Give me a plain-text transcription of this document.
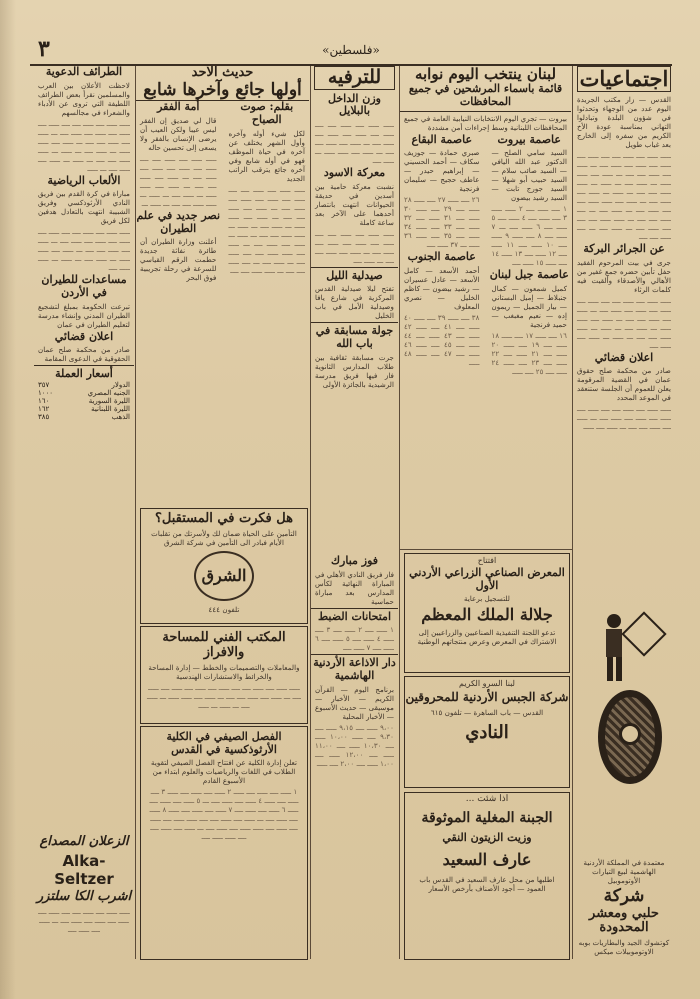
٣	«فلسطين»
اجتماعيات
القدس — زار مكتب الجريدة اليوم عدد من الوجهاء وتحدثوا في شؤون البلدة وتبادلوا التهاني بمناسبة عودة الأخ الكريم من سفره إلى الخارج بعد غياب طويل
ـــــ ـــــ ــــ ـــــ ــــ ــــ ـــــ ــــ ـــــ ــــ ـــــ ــــ ـــــ ــــ ـــ ـــــ ــــ ـــــ ــــ ــــ ـــ ـــــ ــــ ـــــ ـــــ ـــ ـــــ ــــ ـــ ـــــ ـــ ـــــ ـــــ ــــ ــــ ـــ ـــــ ـــ ـــــ ــــ ـــــ ــــ ـــ ـــــ ــــ ـــــ ـــــ ــــ ــــ ـــــ ــــ ـــ ـــــ ــــ ـــ ــــ ـــــ ــــ ــــ ـــ ـــــ ـــــ ــــ ــــ ــــ ـــــ ــــ ـــ ـــــ ــــ ـــ ــــ ـــــ ــــ ــــ
عن الجرائر البركة
جرى في بيت المرحوم الفقيد حفل تأبين حضره جمع غفير من الأهالي والأصدقاء وألقيت فيه كلمات الرثاء
ـــــ ـــــ ــــ ـــــ ــــ ــــ ـــــ ــــ ـــــ ــــ ـــــ ــــ ـــــ ــــ ـــ ـــــ ــــ ـــــ ــــ ــــ ـــ ـــــ ــــ ـــــ ـــــ ـــ ـــــ ــــ ـــ ـــــ ـــ ـــــ ـــــ ــــ ــــ ـــ ـــــ ـــ ـــــ ــــ ـــــ ــــ
اعلان قضائي
صادر من محكمة صلح حقوق عمان في القضية المرقومة يعلن للعموم أن الجلسة ستنعقد في الموعد المحدد
ـــــ ـــــ ــــ ـــــ ــــ ــــ ـــــ ــــ ـــــ ــــ ـــــ ــــ ـــــ ــــ ـــ ـــــ ــــ ـــــ ــــ ــــ ـــ ـــــ ــــ ـــــ
معتمدة في المملكة الأردنية الهاشمية لبيع التيارات الأوتوموبيل
شركة
حلبي ومعشر
المحدودة
كوتشوك الجيد والبطاريات بوبه الاوتوموبيلات ميكس
لبنان ينتخب اليوم نوابه
قائمة باسماء المرشحين في جميع المحافظات
بيروت — تجري اليوم الانتخابات النيابية العامة في جميع المحافظات اللبنانية وسط إجراءات أمن مشددة
عاصمة بيروت
السيد سامي الصلح — الدكتور عبد الله اليافي — السيد صائب سلام — السيد حبيب أبو شهلا — السيد جورج تابت — السيد رشيد بيضون
١ ــــ ـــــ ــــ ٢ ـــــ ـــــ ٣ ــــ ـــــ ــــ ٤ ـــــ ــــ ٥ ـــــ ــــ ٦ ـــــ ــــ ـــ ٧ ـــــ ــــ ٨ ــــ ـــــ ٩ ـــــ ــــ ١٠ ـــــ ــــ ١١ ـــــ ــــ ١٢ ـــــ ــــ ١٣ ـــــ ١٤ ــــ ـــــ ١٥ ـــــ ــــ
عاصمة جبل لبنان
كميل شمعون — كمال جنبلاط — إميل البستاني — بيار الجميل — ريمون إده — نعيم مغبغب — حميد فرنجية
١٦ ــــ ـــــ ١٧ ــــ ـــــ ١٨ ـــــ ــــ ١٩ ــــ ـــــ ٢٠ ـــــ ــــ ٢١ ـــــ ــــ ٢٢ ـــــ ــــ ٢٣ ــــ ـــــ ٢٤ ـــــ ــــ ٢٥ ــــ ـــــ
عاصمة البقاع
صبري حمادة — جوزيف سكاف — أحمد الحسيني — إبراهيم حيدر — عاطف حجيج — سليمان فرنجية
٢٦ ــــ ـــــ ٢٧ ــــ ـــــ ٢٨ ـــــ ــــ ٢٩ ــــ ـــــ ٣٠ ـــــ ــــ ٣١ ـــــ ــــ ٣٢ ـــــ ــــ ٣٣ ــــ ـــــ ٣٤ ـــــ ــــ ٣٥ ــــ ـــــ ٣٦ ـــــ ـــ ٣٧ ـــــ ــــ
عاصمة الجنوب
أحمد الأسعد — كامل الأسعد — عادل عسيران — رشيد بيضون — كاظم الخليل — نصري المعلوف
٣٨ ــــ ـــــ ٣٩ ــــ ـــــ ٤٠ ـــــ ــــ ٤١ ــــ ـــــ ٤٢ ـــــ ــــ ٤٣ ـــــ ــــ ٤٤ ـــــ ــــ ٤٥ ــــ ـــــ ٤٦ ـــــ ــــ ٤٧ ــــ ـــــ ٤٨ ـــــ
افتتاح
المعرض الصناعي الزراعي الأردني الأول
للتسجيل برعاية
جلالة الملك المعظم
تدعو اللجنة التنفيذية الصناعيين والزراعيين إلى الاشتراك في المعرض وعرض منتجاتهم الوطنية
لبنا السرو الكريم
شركة الجبس الأردنية للمحروقين
القدس — باب الساهرة — تلفون ٦١٥
النادي
اذا شئت ...
الجبنة المغلية الموثوقة
وزيت الزيتون النقي
عارف السعيد
اطلبها من محل عارف السعيد في القدس باب العمود — أجود الأصناف بأرخص الأسعار
للترفيه
وزن الداخل بالبلايل
ـــــ ـــــ ــــ ـــــ ــــ ــــ ـــــ ــــ ـــــ ــــ ـــــ ــــ ـــــ ــــ ـــ ـــــ ــــ ـــــ ــــ ــــ ـــ ـــــ ــــ ـــــ ـــــ ـــ ـــــ ــــ
معركة الاسود
نشبت معركة حامية بين أسدين في حديقة الحيوانات انتهت بانتصار أحدهما على الآخر بعد ساعة كاملة
ـــــ ـــــ ــــ ـــــ ــــ ــــ ـــــ ــــ ـــــ ــــ ـــــ ــــ ـــــ ــــ ـــ ـــــ ــــ ـــــ ــــ ــــ ـــ ـــــ ــــ
صيدلية الليل
تفتح ليلا صيدلية القدس المركزية في شارع يافا وصيدلية الأمل في باب الخليل
جولة مسابقة في باب الله
جرت مسابقة ثقافية بين طلاب المدارس الثانوية فاز فيها فريق مدرسة الرشيدية بالجائزة الأولى
فوز مبارك
فاز فريق النادي الأهلي في المباراة النهائية لكأس المدارس بعد مباراة حماسية
امتحانات الضبط
١ ـــــ ــــ ٢ ـــــ ــــ ٣ ــــ ـــــ ٤ ـــــ ــــ ٥ ـــــ ــــ ٦ ـــــ ــــ ٧ ـــــ ــــ
دار الاذاعة الأردنية الهاشمية
برنامج اليوم — القرآن الكريم — الأخبار — موسيقى — حديث الأسبوع — الأخبار المحلية
٩،٠٠ ـــــ ــــ ٩،١٥ ـــــ ــــ ٩،٣٠ ــــ ـــــ ١٠،٠٠ ـــــ ــــ ١٠،٣٠ ـــــ ــــ ١١،٠٠ ـــــ ــــ ١٢،٠٠ ـــــ ــــ ١،٠٠ ـــــ ــــ ٢،٠٠ ــــ ـــــ
حديث الاحد
أولها جائع وآخرها شابع
بقلم: صوت الصباح
لكل شيء أوله وآخره وأول الشهر يختلف عن آخره في حياة الموظف فهو في أوله شابع وفي آخره جائع يترقب الراتب الجديد
ـــــ ـــــ ــــ ـــــ ــــ ــــ ـــــ ــــ ـــــ ــــ ـــــ ــــ ـــــ ــــ ـــ ـــــ ــــ ـــــ ــــ ــــ ـــ ـــــ ــــ ـــــ ـــــ ـــ ـــــ ــــ ـــ ـــــ ـــ ـــــ ـــــ ــــ ــــ ـــ ـــــ ـــ ـــــ ــــ ـــــ ــــ ـــ ـــــ ــــ ـــــ ـــــ ــــ ــــ ـــــ ــــ ـــ ـــــ ــــ ـــ ــــ ـــــ ــــ ــــ ـــ ـــــ ـــــ ــــ ــــ
أمة الفقر
قال لي صديق إن الفقر ليس عيبا ولكن العيب أن يرضى الإنسان بالفقر ولا يسعى إلى تحسين حاله
ـــــ ـــــ ــــ ـــــ ــــ ــــ ـــــ ــــ ـــــ ــــ ـــــ ــــ ـــــ ــــ ـــ ـــــ ــــ ـــــ ــــ ــــ ـــ ـــــ ــــ ـــــ ـــــ ـــ ـــــ ــــ ـــ ـــــ ـــ ـــــ ـــــ ــــ ــــ ـــ ـــــ ـــ
نصر جديد في علم الطيران
أعلنت وزارة الطيران أن طائرة نفاثة جديدة حطمت الرقم القياسي للسرعة في رحلة تجريبية فوق البحر
هل فكرت في المستقبل؟
التأمين على الحياة ضمان لك ولأسرتك من تقلبات الأيام فبادر الى التأمين في شركة الشرق
الشرق
تلفون ٤٤٤
المكتب الفني للمساحة والافراز
والمعاملات والتصميمات والخطط — إدارة المساحة والخرائط والاستشارات الهندسية
ـــــ ـــــ ــــ ـــــ ــــ ــــ ـــــ ــــ ـــــ ــــ ـــــ ــــ ـــــ ــــ ـــ ـــــ ــــ ـــــ ــــ ــــ ـــ ـــــ ــــ ـــــ ـــــ ـــ ـــــ ــــ ـــ ـــــ ـــ ـــــ
الفصل الصيفي في الكلية الأرثوذكسية في القدس
تعلن إدارة الكلية عن افتتاح الفصل الصيفي لتقوية الطلاب في اللغات والرياضيات والعلوم ابتداء من الأسبوع القادم
١ ـــــ ــــ ـــــ ــــ ـــــ ٢ ـــــ ــــ ـــــ ــــ ـــــ ٣ ــــ ـــــ ــــ ـــــ ٤ ـــــ ــــ ـــــ ــــ ـــ ٥ ـــــ ــــ ـــــ ــــ ـــــ ٦ ـــــ ــــ ـــــ ــــ ٧ ـــــ ــــ ـــــ ــــ ـــــ ٨ ـــــ ــــ ـــــ ــــ ـــ ـــــ ــــ ـــــ ــــ ــــ ـــــ ـــــ ــــ ـــــ ــــ ـــــ ــــ ـــــ ـــــ ــــ ـــــ ــــ ـــ ـــــ ــــ ـــــ ــــ ــــ ـــــ ـــــ ــــ
الطرائف الدعوية
لاحظت الأعلان بين العرب والمسلمين نقرأ بعض الطرائف اللطيفة التي تروى عن الأدباء والشعراء في مجالسهم
ـــــ ـــــ ــــ ـــــ ــــ ــــ ـــــ ــــ ـــــ ــــ ـــــ ــــ ـــــ ــــ ـــ ـــــ ــــ ـــــ ــــ ــــ ـــ ـــــ ــــ ـــــ ـــــ ـــ ـــــ ــــ ـــ ـــــ ـــ ـــــ ـــــ ــــ ــــ ـــ ـــــ ـــ ـــــ ــــ ـــــ ــــ ـــ ـــــ
الألعاب الرياضية
مباراة في كرة القدم بين فريق النادي الأرثوذكسي وفريق الشبيبة انتهت بالتعادل هدفين لكل فريق
ـــــ ـــــ ــــ ـــــ ــــ ــــ ـــــ ــــ ـــــ ــــ ـــــ ــــ ـــــ ــــ ـــ ـــــ ــــ ـــــ ــــ ــــ ـــ ـــــ ــــ ـــــ ـــــ ـــ ـــــ ــــ ـــ ـــــ ـــ ـــــ ـــــ ــــ
مساعدات للطيران في الأردن
تبرعت الحكومة بمبلغ لتشجيع الطيران المدني وإنشاء مدرسة لتعليم الطيران في عمان
اعلان قضائي
صادر من محكمة صلح عمان الحقوقية في الدعوى المقامة
أسعار العملة
الدولار
٣٥٧
الجنيه المصري
١٠٠٠
الليرة السورية
١٦٠
الليرة اللبنانية
١٦٢
الذهب
٣٨٥
الزعلان المصداع
Alka-Seltzer
اشرب الكا سلتزر
ـــــ ـــــ ــــ ـــــ ــــ ــــ ـــــ ــــ ـــــ ــــ ـــــ ــــ ـــــ ــــ ـــ ـــــ ــــ ـــــ ــــ
